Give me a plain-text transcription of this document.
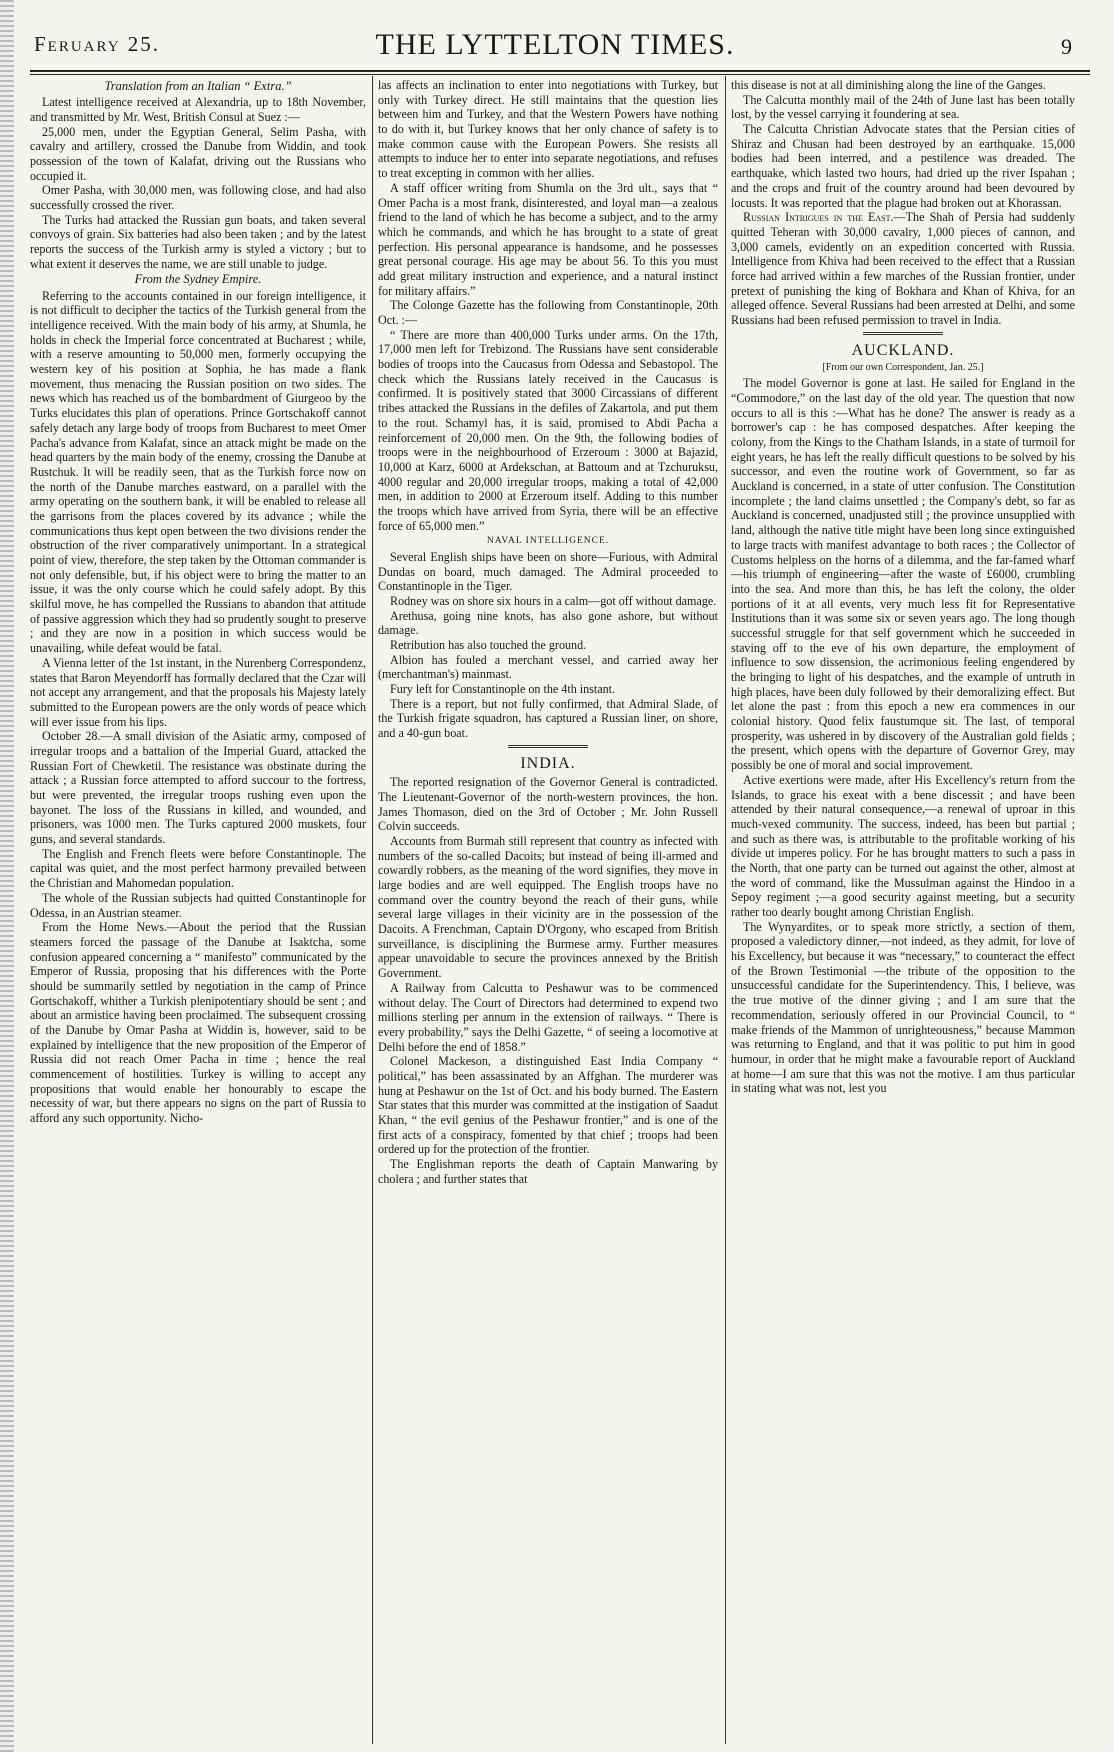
Feruary 25.	THE LYTTELTON TIMES.	9
Translation from an Italian “ Extra.”

Latest intelligence received at Alexandria, up to 18th November, and transmitted by Mr. West, British Consul at Suez :—

25,000 men, under the Egyptian General, Selim Pasha, with cavalry and artillery, crossed the Danube from Widdin, and took possession of the town of Kalafat, driving out the Russians who occupied it.

Omer Pasha, with 30,000 men, was following close, and had also successfully crossed the river.

The Turks had attacked the Russian gun boats, and taken several convoys of grain. Six batteries had also been taken ; and by the latest reports the success of the Turkish army is styled a victory ; but to what extent it deserves the name, we are still unable to judge.

From the Sydney Empire.

Referring to the accounts contained in our foreign intelligence, it is not difficult to decipher the tactics of the Turkish general from the intelligence received. With the main body of his army, at Shumla, he holds in check the Imperial force concentrated at Bucharest ; while, with a reserve amounting to 50,000 men, formerly occupying the western key of his position at Sophia, he has made a flank movement, thus menacing the Russian position on two sides. The news which has reached us of the bombardment of Giurgeoo by the Turks elucidates this plan of operations. Prince Gortschakoff cannot safely detach any large body of troops from Bucharest to meet Omer Pacha's advance from Kalafat, since an attack might be made on the head quarters by the main body of the enemy, crossing the Danube at Rustchuk. It will be readily seen, that as the Turkish force now on the north of the Danube marches eastward, on a parallel with the army operating on the southern bank, it will be enabled to release all the garrisons from the places covered by its advance ; while the communications thus kept open between the two divisions render the obstruction of the river comparatively unimportant. In a strategical point of view, therefore, the step taken by the Ottoman commander is not only defensible, but, if his object were to bring the matter to an issue, it was the only course which he could safely adopt. By this skilful move, he has compelled the Russians to abandon that attitude of passive aggression which they had so prudently sought to preserve ; and they are now in a position in which success would be unavailing, while defeat would be fatal.

A Vienna letter of the 1st instant, in the Nurenberg Correspondenz, states that Baron Meyendorff has formally declared that the Czar will not accept any arrangement, and that the proposals his Majesty lately submitted to the European powers are the only words of peace which will ever issue from his lips.

October 28.—A small division of the Asiatic army, composed of irregular troops and a battalion of the Imperial Guard, attacked the Russian Fort of Chewketil. The resistance was obstinate during the attack ; a Russian force attempted to afford succour to the fortress, but were prevented, the irregular troops rushing even upon the bayonet. The loss of the Russians in killed, and wounded, and prisoners, was 1000 men. The Turks captured 2000 muskets, four guns, and several standards.

The English and French fleets were before Constantinople. The capital was quiet, and the most perfect harmony prevailed between the Christian and Mahomedan population.

The whole of the Russian subjects had quitted Constantinople for Odessa, in an Austrian steamer.

From the Home News.—About the period that the Russian steamers forced the passage of the Danube at Isaktcha, some confusion appeared concerning a “ manifesto” communicated by the Emperor of Russia, proposing that his differences with the Porte should be summarily settled by negotiation in the camp of Prince Gortschakoff, whither a Turkish plenipotentiary should be sent ; and about an armistice having been proclaimed. The subsequent crossing of the Danube by Omar Pasha at Widdin is, however, said to be explained by intelligence that the new proposition of the Emperor of Russia did not reach Omer Pacha in time ; hence the real commencement of hostilities. Turkey is willing to accept any propositions that would enable her honourably to escape the necessity of war, but there appears no signs on the part of Russia to afford any such opportunity. Nicho-

las affects an inclination to enter into negotiations with Turkey, but only with Turkey direct. He still maintains that the question lies between him and Turkey, and that the Western Powers have nothing to do with it, but Turkey knows that her only chance of safety is to make common cause with the European Powers. She resists all attempts to induce her to enter into separate negotiations, and refuses to treat excepting in common with her allies.

A staff officer writing from Shumla on the 3rd ult., says that “ Omer Pacha is a most frank, disinterested, and loyal man—a zealous friend to the land of which he has become a subject, and to the army which he commands, and which he has brought to a state of great perfection. His personal appearance is handsome, and he possesses great personal courage. His age may be about 56. To this you must add great military instruction and experience, and a natural instinct for military affairs.”

The Colonge Gazette has the following from Constantinople, 20th Oct. :—

“ There are more than 400,000 Turks under arms. On the 17th, 17,000 men left for Trebizond. The Russians have sent considerable bodies of troops into the Caucasus from Odessa and Sebastopol. The check which the Russians lately received in the Caucasus is confirmed. It is positively stated that 3000 Circassians of different tribes attacked the Russians in the defiles of Zakartola, and put them to the rout. Schamyl has, it is said, promised to Abdi Pacha a reinforcement of 20,000 men. On the 9th, the following bodies of troops were in the neighbourhood of Erzeroum : 3000 at Bajazid, 10,000 at Karz, 6000 at Ardekschan, at Battoum and at Tzchuruksu, 4000 regular and 20,000 irregular troops, making a total of 42,000 men, in addition to 2000 at Erzeroum itself. Adding to this number the troops which have arrived from Syria, there will be an effective force of 65,000 men.”

NAVAL INTELLIGENCE.

Several English ships have been on shore—Furious, with Admiral Dundas on board, much damaged. The Admiral proceeded to Constantinople in the Tiger.

Rodney was on shore six hours in a calm—got off without damage.

Arethusa, going nine knots, has also gone ashore, but without damage.

Retribution has also touched the ground.

Albion has fouled a merchant vessel, and carried away her (merchantman's) mainmast.

Fury left for Constantinople on the 4th instant.

There is a report, but not fully confirmed, that Admiral Slade, of the Turkish frigate squadron, has captured a Russian liner, on shore, and a 40-gun boat.

INDIA.

The reported resignation of the Governor General is contradicted. The Lieutenant-Governor of the north-western provinces, the hon. James Thomason, died on the 3rd of October ; Mr. John Russell Colvin succeeds.

Accounts from Burmah still represent that country as infected with numbers of the so-called Dacoits; but instead of being ill-armed and cowardly robbers, as the meaning of the word signifies, they move in large bodies and are well equipped. The English troops have no command over the country beyond the reach of their guns, while several large villages in their vicinity are in the possession of the Dacoits. A Frenchman, Captain D'Orgony, who escaped from British surveillance, is disciplining the Burmese army. Further measures appear unavoidable to secure the provinces annexed by the British Government.

A Railway from Calcutta to Peshawur was to be commenced without delay. The Court of Directors had determined to expend two millions sterling per annum in the extension of railways. “ There is every probability,” says the Delhi Gazette, “ of seeing a locomotive at Delhi before the end of 1858.”

Colonel Mackeson, a distinguished East India Company “ political,” has been assassinated by an Affghan. The murderer was hung at Peshawur on the 1st of Oct. and his body burned. The Eastern Star states that this murder was committed at the instigation of Saadut Khan, “ the evil genius of the Peshawur frontier,” and is one of the first acts of a conspiracy, fomented by that chief ; troops had been ordered up for the protection of the frontier.

The Englishman reports the death of Captain Manwaring by cholera ; and further states that

this disease is not at all diminishing along the line of the Ganges.

The Calcutta monthly mail of the 24th of June last has been totally lost, by the vessel carrying it foundering at sea.

The Calcutta Christian Advocate states that the Persian cities of Shiraz and Chusan had been destroyed by an earthquake. 15,000 bodies had been interred, and a pestilence was dreaded. The earthquake, which lasted two hours, had dried up the river Ispahan ; and the crops and fruit of the country around had been devoured by locusts. It was reported that the plague had broken out at Khorassan.

Russian Intrigues in the East.—The Shah of Persia had suddenly quitted Teheran with 30,000 cavalry, 1,000 pieces of cannon, and 3,000 camels, evidently on an expedition concerted with Russia. Intelligence from Khiva had been received to the effect that a Russian force had arrived within a few marches of the Russian frontier, under pretext of punishing the king of Bokhara and Khan of Khiva, for an alleged offence. Several Russians had been arrested at Delhi, and some Russians had been refused permission to travel in India.

AUCKLAND.
[From our own Correspondent, Jan. 25.]

The model Governor is gone at last. He sailed for England in the “Commodore,” on the last day of the old year. The question that now occurs to all is this :—What has he done? The answer is ready as a borrower's cap : he has composed despatches. After keeping the colony, from the Kings to the Chatham Islands, in a state of turmoil for eight years, he has left the really difficult questions to be solved by his successor, and even the routine work of Government, so far as Auckland is concerned, in a state of utter confusion. The Constitution incomplete ; the land claims unsettled ; the Company's debt, so far as Auckland is concerned, unadjusted still ; the province unsupplied with land, although the native title might have been long since extinguished to large tracts with manifest advantage to both races ; the Collector of Customs helpless on the horns of a dilemma, and the far-famed wharf—his triumph of engineering—after the waste of £6000, crumbling into the sea. And more than this, he has left the colony, the older portions of it at all events, very much less fit for Representative Institutions than it was some six or seven years ago. The long though successful struggle for that self government which he succeeded in staving off to the eve of his own departure, the employment of influence to sow dissension, the acrimonious feeling engendered by the bringing to light of his despatches, and the example of untruth in high places, have been duly followed by their demoralizing effect. But let alone the past : from this epoch a new era commences in our colonial history. Quod felix faustumque sit. The last, of temporal prosperity, was ushered in by discovery of the Australian gold fields ; the present, which opens with the departure of Governor Grey, may possibly be one of moral and social improvement.

Active exertions were made, after His Excellency's return from the Islands, to grace his exeat with a bene discessit ; and have been attended by their natural consequence,—a renewal of uproar in this much-vexed community. The success, indeed, has been but partial ; and such as there was, is attributable to the profitable working of his divide ut imperes policy. For he has brought matters to such a pass in the North, that one party can be turned out against the other, almost at the word of command, like the Mussulman against the Hindoo in a Sepoy regiment ;—a good security against meeting, but a security rather too dearly bought among Christian English.

The Wynyardites, or to speak more strictly, a section of them, proposed a valedictory dinner,—not indeed, as they admit, for love of his Excellency, but because it was “necessary,” to counteract the effect of the Brown Testimonial —the tribute of the opposition to the unsuccessful candidate for the Superintendency. This, I believe, was the true motive of the dinner giving ; and I am sure that the recommendation, seriously offered in our Provincial Council, to “ make friends of the Mammon of unrighteousness,” because Mammon was returning to England, and that it was politic to put him in good humour, in order that he might make a favourable report of Auckland at home—I am sure that this was not the motive. I am thus particular in stating what was not, lest you
